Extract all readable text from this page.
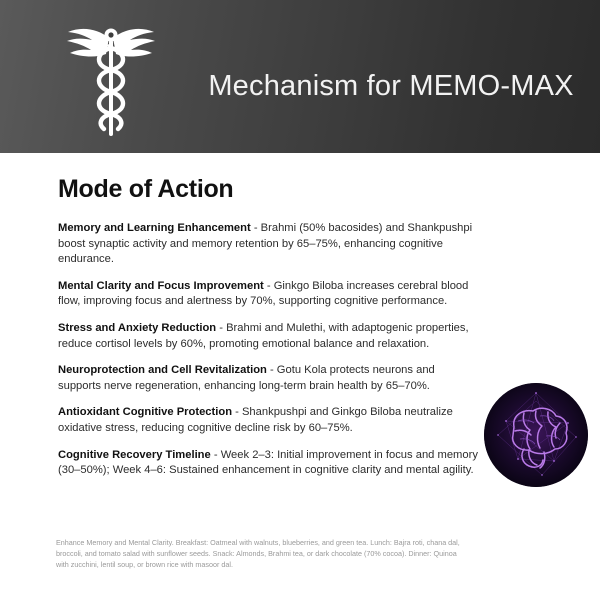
Mechanism for MEMO-MAX
Mode of Action
Memory and Learning Enhancement - Brahmi (50% bacosides) and Shankpushpi boost synaptic activity and memory retention by 65–75%, enhancing cognitive endurance.
Mental Clarity and Focus Improvement - Ginkgo Biloba increases cerebral blood flow, improving focus and alertness by 70%, supporting cognitive performance.
Stress and Anxiety Reduction - Brahmi and Mulethi, with adaptogenic properties, reduce cortisol levels by 60%, promoting emotional balance and relaxation.
Neuroprotection and Cell Revitalization - Gotu Kola protects neurons and supports nerve regeneration, enhancing long-term brain health by 65–70%.
Antioxidant Cognitive Protection - Shankpushpi and Ginkgo Biloba neutralize oxidative stress, reducing cognitive decline risk by 60–75%.
Cognitive Recovery Timeline - Week 2–3: Initial improvement in focus and memory (30–50%); Week 4–6: Sustained enhancement in cognitive clarity and mental agility.
Enhance Memory and Mental Clarity. Breakfast: Oatmeal with walnuts, blueberries, and green tea. Lunch: Bajra roti, chana dal, broccoli, and tomato salad with sunflower seeds. Snack: Almonds, Brahmi tea, or dark chocolate (70% cocoa). Dinner: Quinoa with zucchini, lentil soup, or brown rice with masoor dal.
